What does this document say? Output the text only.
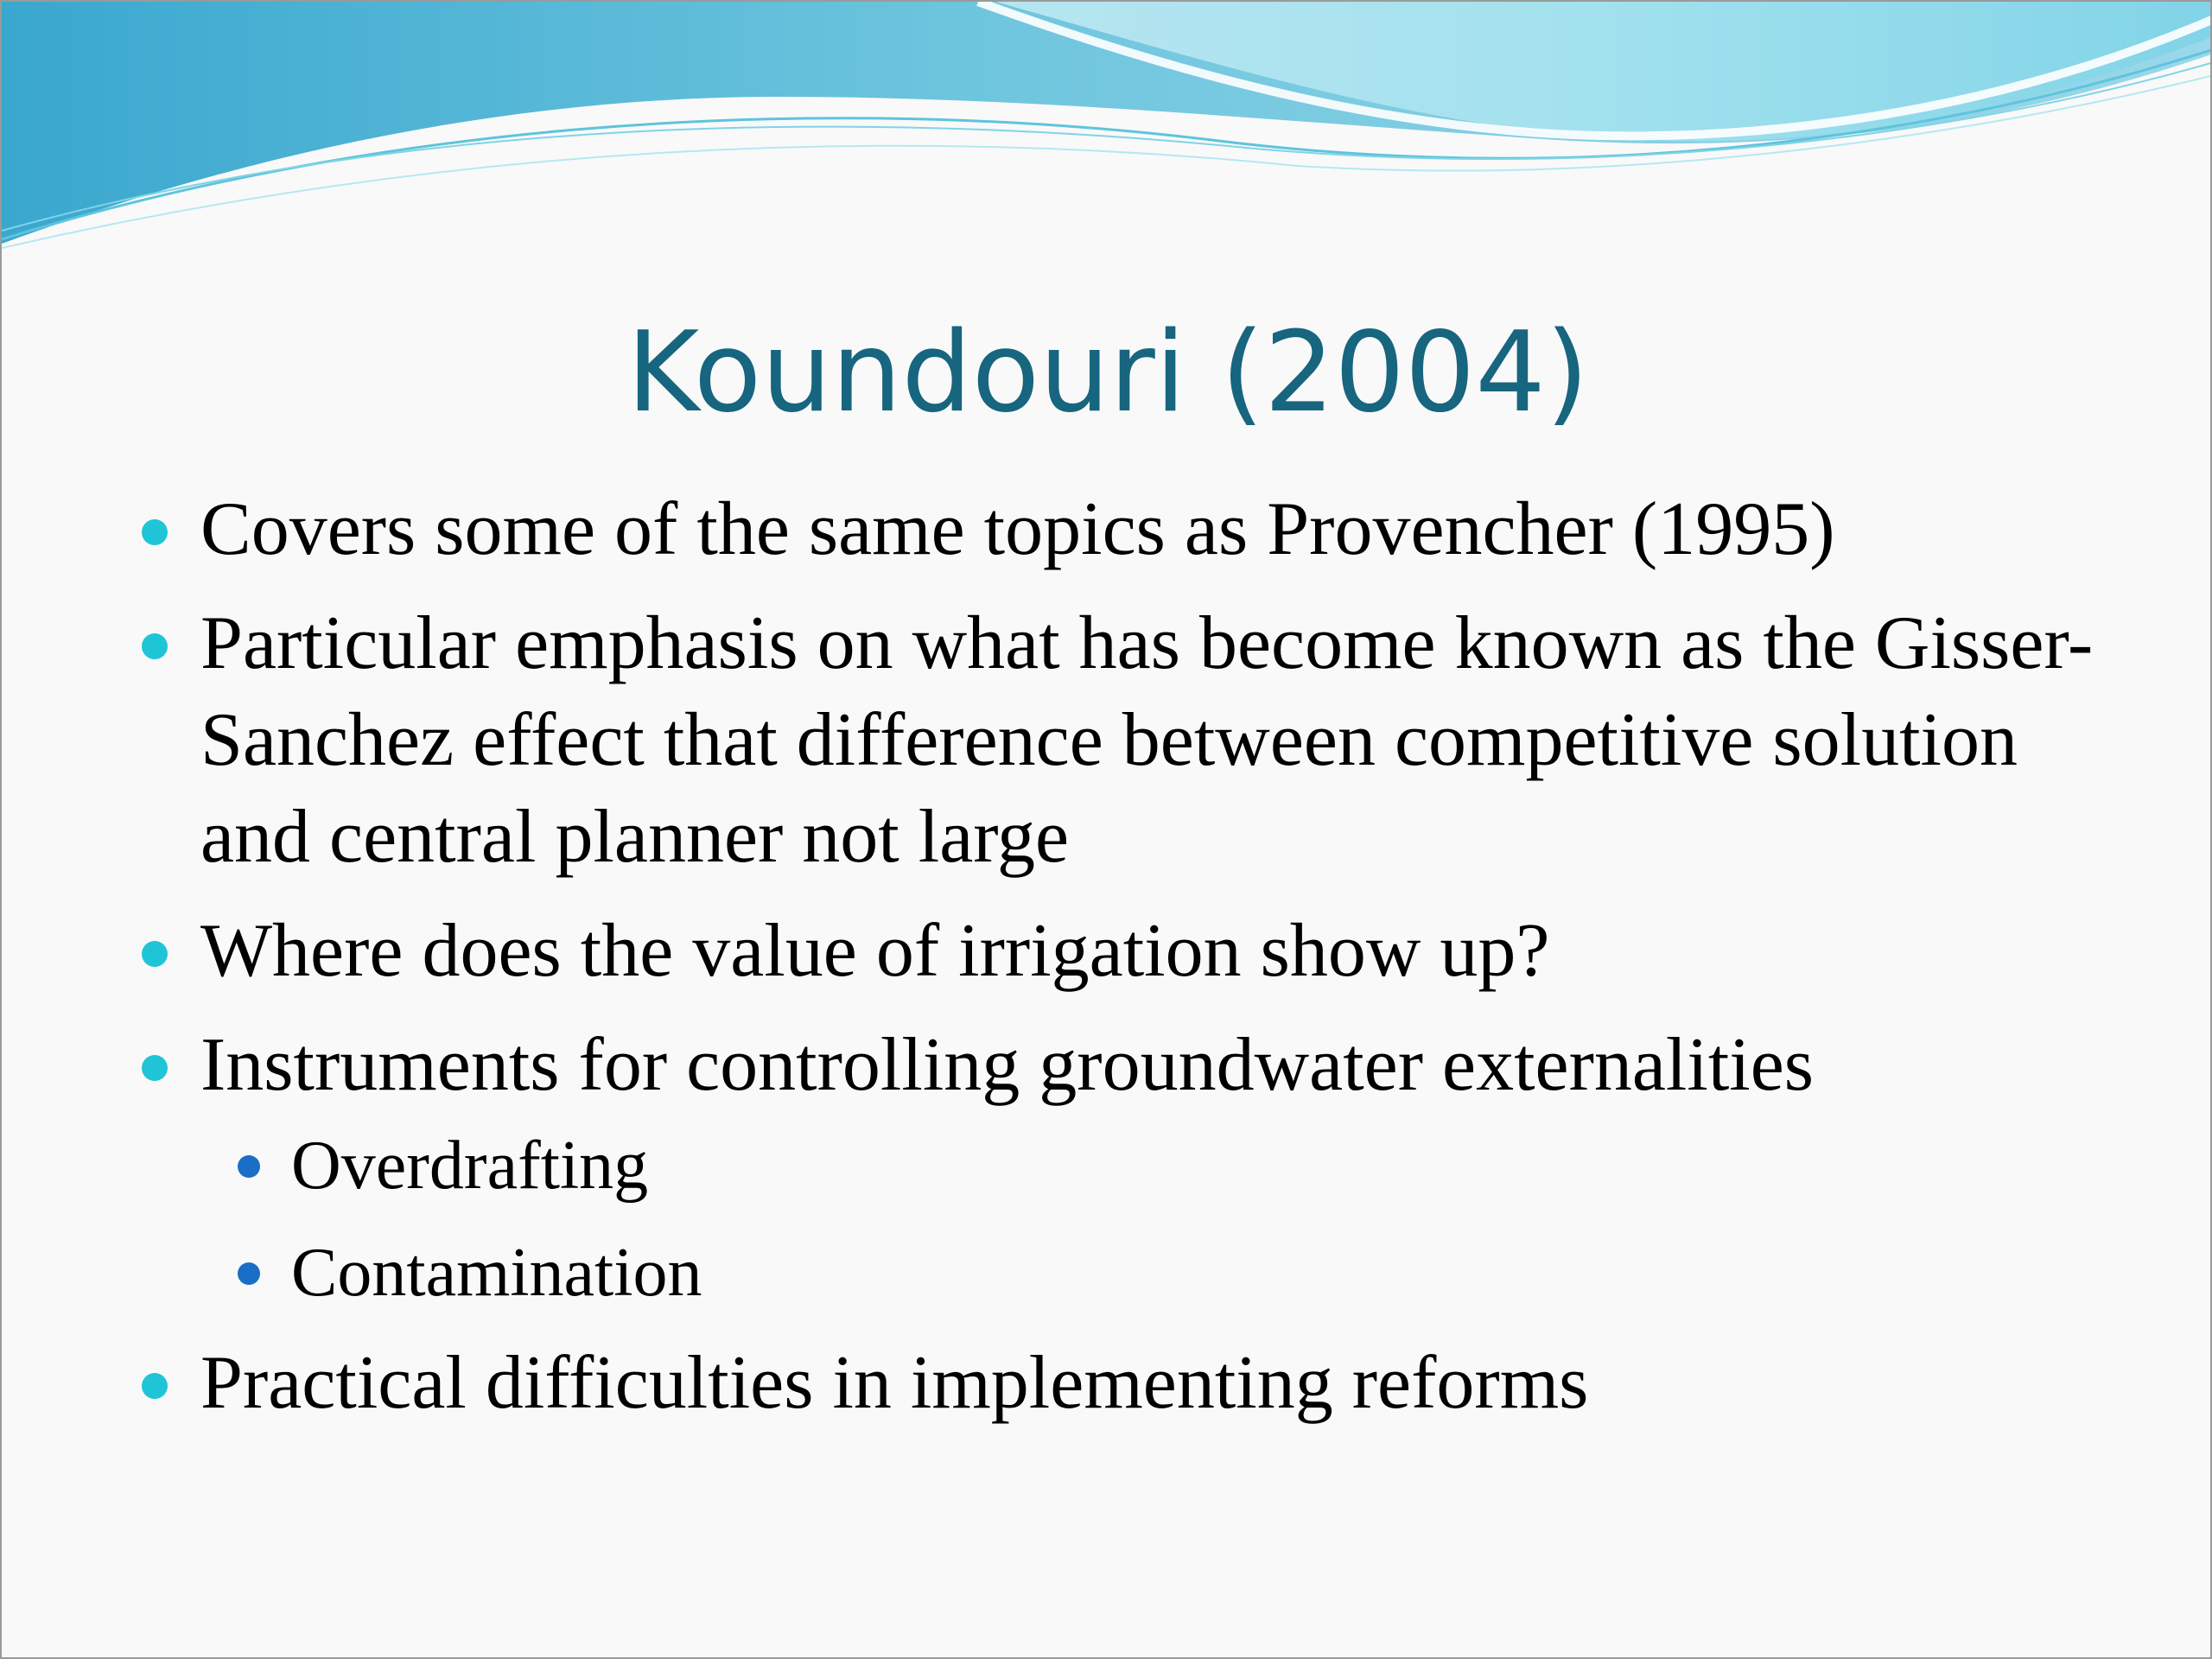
Koundouri (2004)
Covers some of the same topics as Provencher (1995)
Particular emphasis on what has become known as the Gisser-Sanchez effect that difference between competitive solution and central planner not large
Where does the value of irrigation show up?
Instruments for controlling groundwater externalities
Overdrafting
Contamination
Practical difficulties in implementing reforms
